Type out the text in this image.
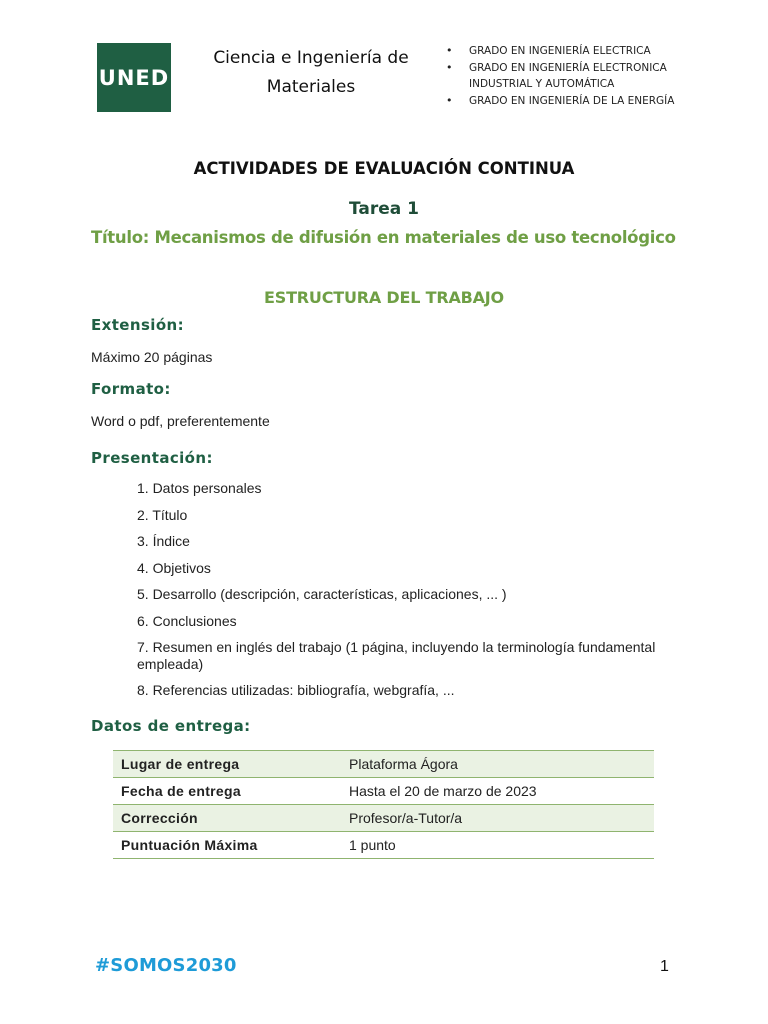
UNED
Ciencia e Ingeniería de Materiales
• GRADO EN INGENIERÍA ELECTRICA
• GRADO EN INGENIERÍA ELECTRONICA INDUSTRIAL Y AUTOMÁTICA
• GRADO EN INGENIERÍA DE LA ENERGÍA
ACTIVIDADES DE EVALUACIÓN CONTINUA
Tarea 1
Título: Mecanismos de difusión en materiales de uso tecnológico
ESTRUCTURA DEL TRABAJO
Extensión:
Máximo 20 páginas
Formato:
Word o pdf, preferentemente
Presentación:
1. Datos personales
2. Título
3. Índice
4. Objetivos
5. Desarrollo (descripción, características, aplicaciones, ... )
6. Conclusiones
7. Resumen en inglés del trabajo (1 página, incluyendo la terminología fundamental empleada)
8. Referencias utilizadas: bibliografía, webgrafía, ...
Datos de entrega:
Lugar de entrega	Plataforma Ágora
Fecha de entrega	Hasta el 20 de marzo de 2023
Corrección	Profesor/a-Tutor/a
Puntuación Máxima	1 punto
#SOMOS2030	1
